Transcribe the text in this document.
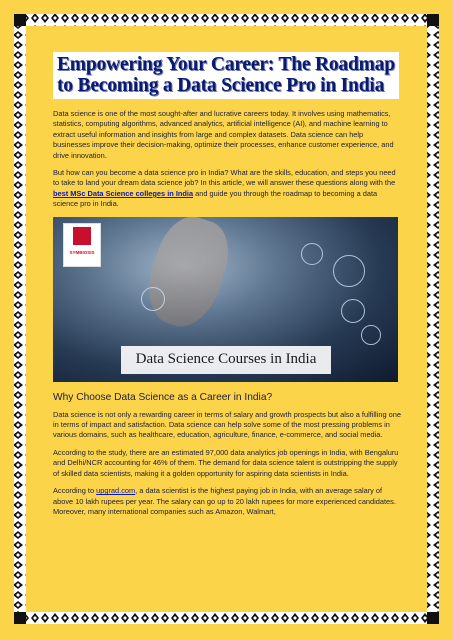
Empowering Your Career: The Roadmap to Becoming a Data Science Pro in India

Data science is one of the most sought-after and lucrative careers today. It involves using mathematics, statistics, computing algorithms, advanced analytics, artificial intelligence (AI), and machine learning to extract useful information and insights from large and complex datasets. Data science can help businesses improve their decision-making, optimize their processes, enhance customer experience, and drive innovation.

But how can you become a data science pro in India? What are the skills, education, and steps you need to take to land your dream data science job? In this article, we will answer these questions along with the best MSc Data Science colleges in India and guide you through the roadmap to becoming a data science pro in India.

SYMBIOSIS
Data Science Courses in India
Why Choose Data Science as a Career in India?

Data science is not only a rewarding career in terms of salary and growth prospects but also a fulfilling one in terms of impact and satisfaction. Data science can help solve some of the most pressing problems in various domains, such as healthcare, education, agriculture, finance, e-commerce, and social media.

According to the study, there are an estimated 97,000 data analytics job openings in India, with Bengaluru and Delhi/NCR accounting for 46% of them. The demand for data science talent is outstripping the supply of skilled data scientists, making it a golden opportunity for aspiring data scientists in India.

According to upgrad.com, a data scientist is the highest paying job in India, with an average salary of above 10 lakh rupees per year. The salary can go up to 20 lakh rupees for more experienced candidates. Moreover, many international companies such as Amazon, Walmart,
